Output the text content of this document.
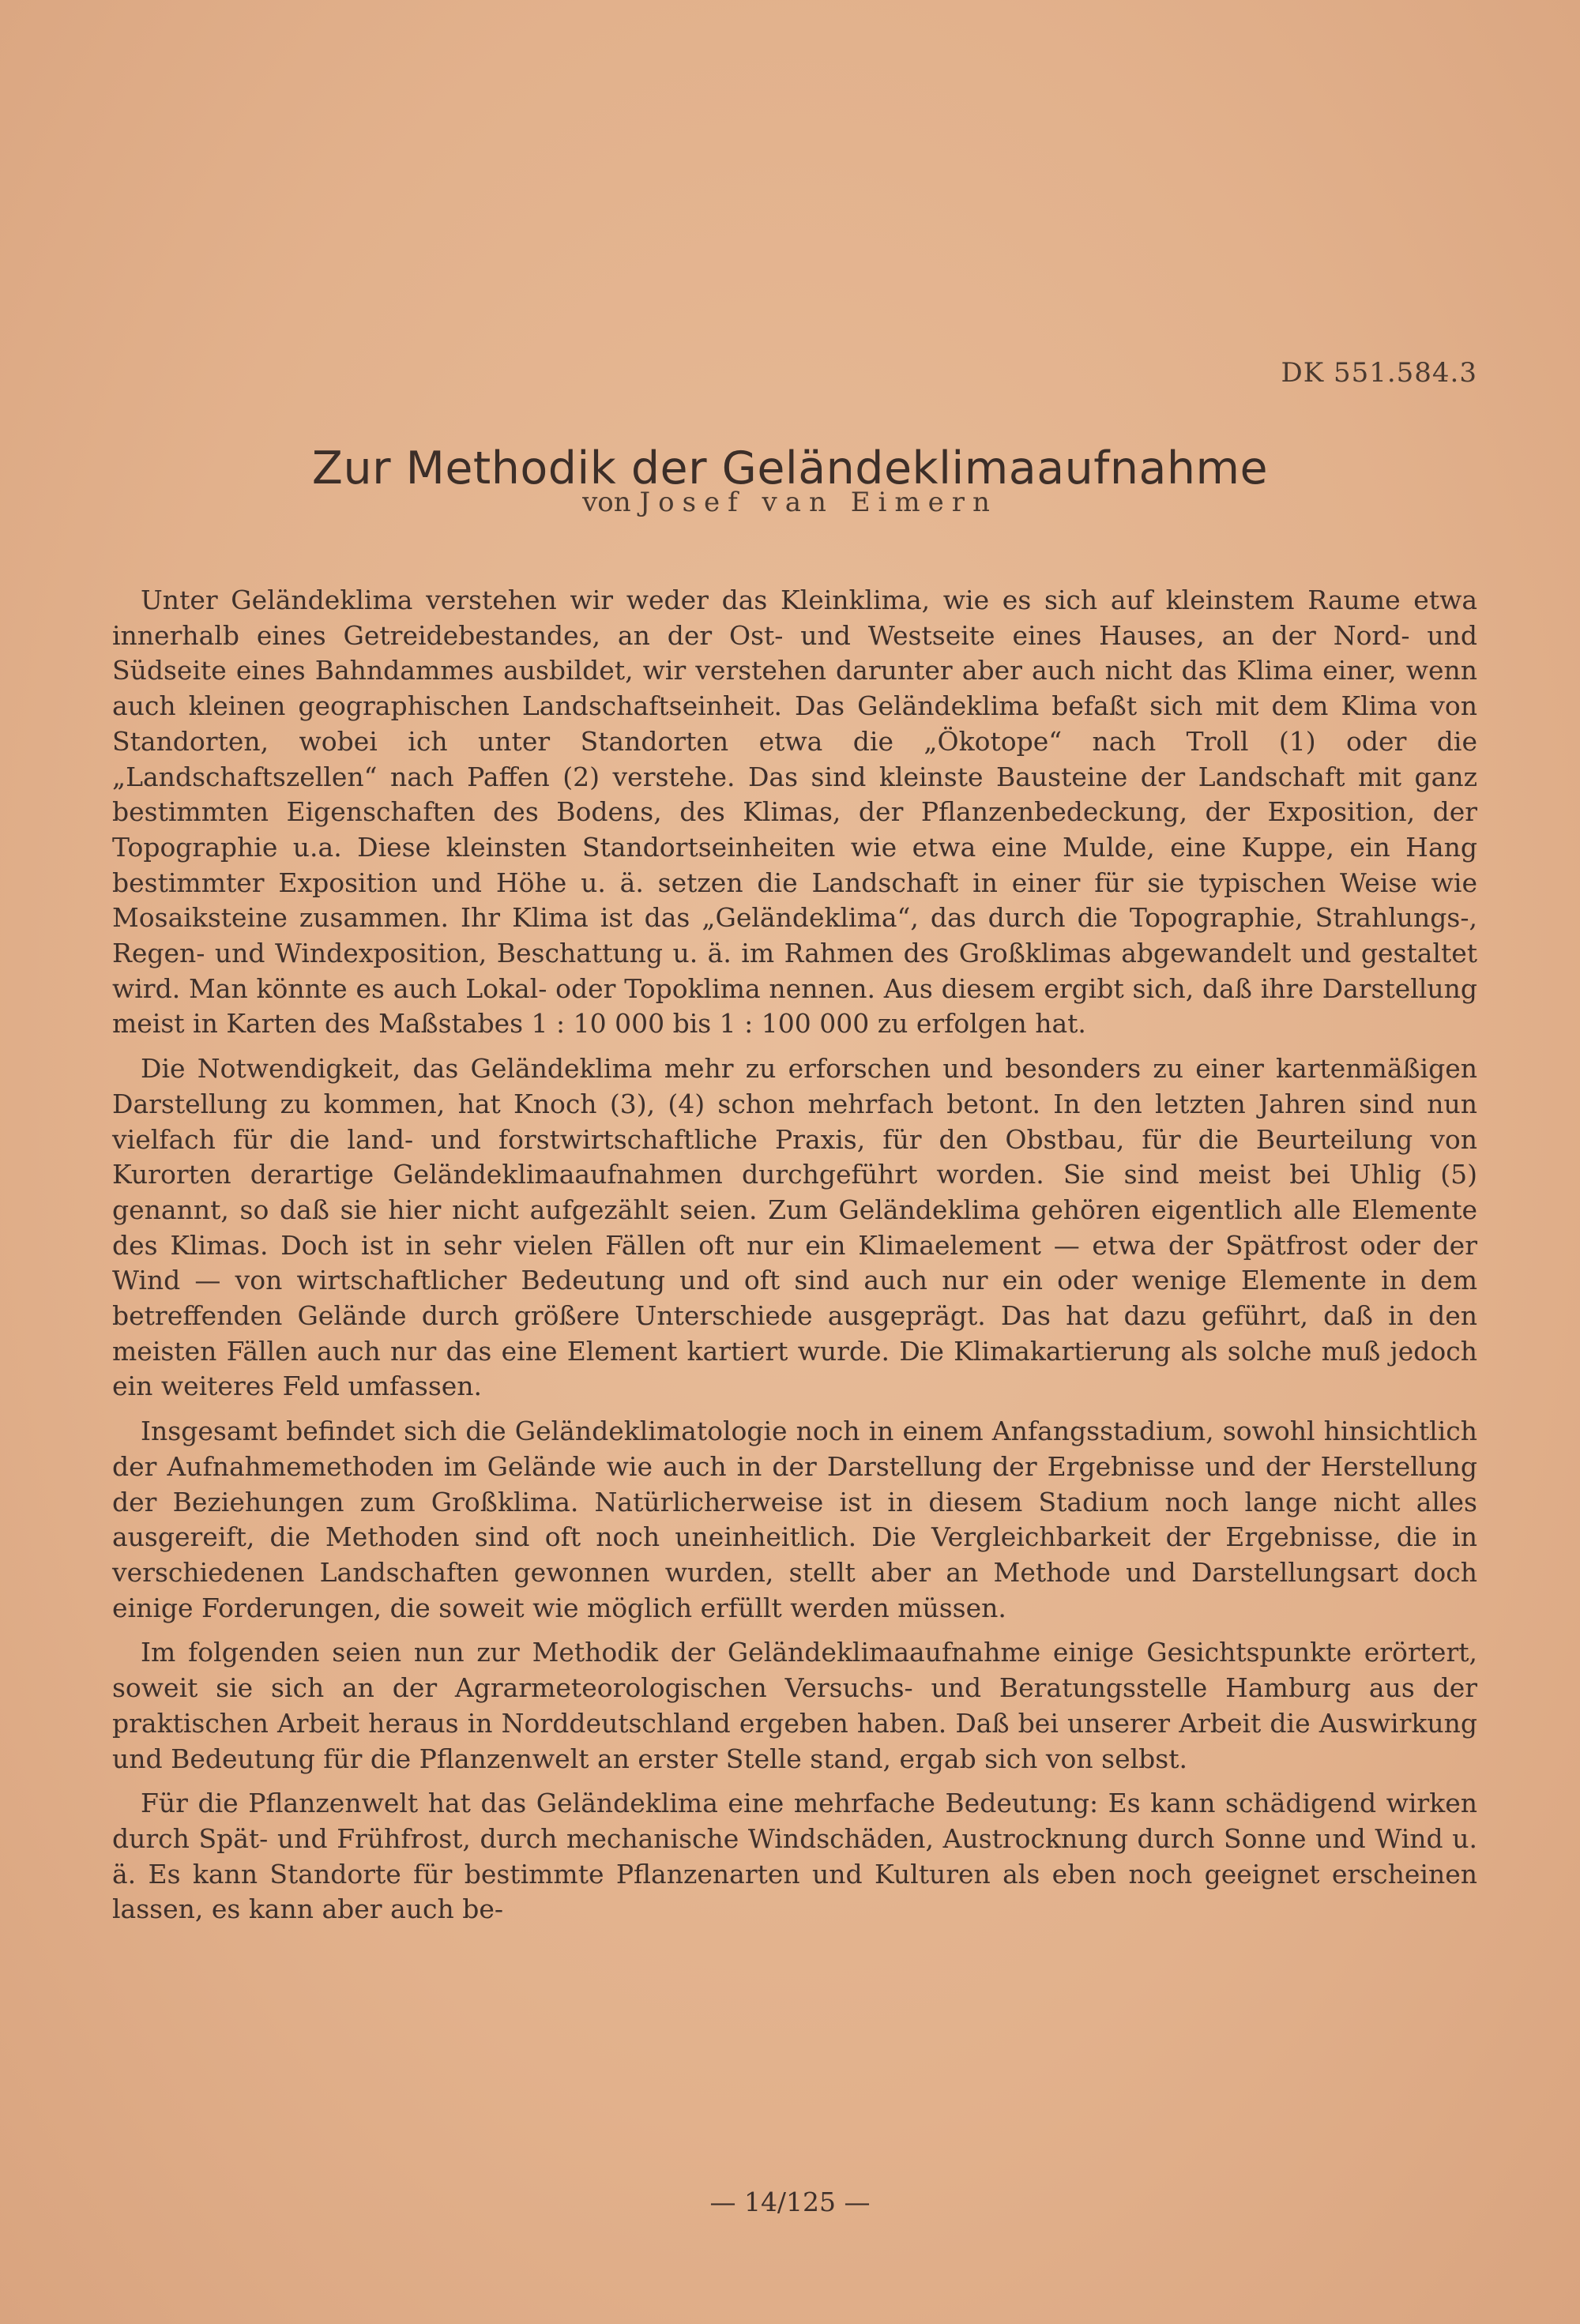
DK 551.584.3
Zur Methodik der Geländeklimaaufnahme
von Josef van Eimern

Unter Geländeklima verstehen wir weder das Kleinklima, wie es sich auf kleinstem Raume etwa innerhalb eines Getreidebestandes, an der Ost- und Westseite eines Hauses, an der Nord- und Südseite eines Bahndammes ausbildet, wir verstehen darunter aber auch nicht das Klima einer, wenn auch kleinen geographischen Landschaftseinheit. Das Geländeklima befaßt sich mit dem Klima von Standorten, wobei ich unter Standorten etwa die „Ökotope“ nach Troll (1) oder die „Landschaftszellen“ nach Paffen (2) verstehe. Das sind kleinste Bausteine der Landschaft mit ganz bestimmten Eigenschaften des Bodens, des Klimas, der Pflanzenbedeckung, der Exposition, der Topographie u.a. Diese kleinsten Standortseinheiten wie etwa eine Mulde, eine Kuppe, ein Hang bestimmter Exposition und Höhe u. ä. setzen die Landschaft in einer für sie typischen Weise wie Mosaiksteine zusammen. Ihr Klima ist das „Geländeklima“, das durch die Topographie, Strahlungs-, Regen- und Windexposition, Beschattung u. ä. im Rahmen des Großklimas abgewandelt und gestaltet wird. Man könnte es auch Lokal- oder Topoklima nennen. Aus diesem ergibt sich, daß ihre Darstellung meist in Karten des Maßstabes 1 : 10 000 bis 1 : 100 000 zu erfolgen hat.

Die Notwendigkeit, das Geländeklima mehr zu erforschen und besonders zu einer kartenmäßigen Darstellung zu kommen, hat Knoch (3), (4) schon mehrfach betont. In den letzten Jahren sind nun vielfach für die land- und forstwirtschaftliche Praxis, für den Obstbau, für die Beurteilung von Kurorten derartige Geländeklimaaufnahmen durchgeführt worden. Sie sind meist bei Uhlig (5) genannt, so daß sie hier nicht aufgezählt seien. Zum Geländeklima gehören eigentlich alle Elemente des Klimas. Doch ist in sehr vielen Fällen oft nur ein Klimaelement — etwa der Spätfrost oder der Wind — von wirtschaftlicher Bedeutung und oft sind auch nur ein oder wenige Elemente in dem betreffenden Gelände durch größere Unterschiede ausgeprägt. Das hat dazu geführt, daß in den meisten Fällen auch nur das eine Element kartiert wurde. Die Klimakartierung als solche muß jedoch ein weiteres Feld umfassen.

Insgesamt befindet sich die Geländeklimatologie noch in einem Anfangsstadium, sowohl hinsichtlich der Aufnahmemethoden im Gelände wie auch in der Darstellung der Ergebnisse und der Herstellung der Beziehungen zum Großklima. Natürlicherweise ist in diesem Stadium noch lange nicht alles ausgereift, die Methoden sind oft noch uneinheitlich. Die Vergleichbarkeit der Ergebnisse, die in verschiedenen Landschaften gewonnen wurden, stellt aber an Methode und Darstellungsart doch einige Forderungen, die soweit wie möglich erfüllt werden müssen.

Im folgenden seien nun zur Methodik der Geländeklimaaufnahme einige Gesichtspunkte erörtert, soweit sie sich an der Agrarmeteorologischen Versuchs- und Beratungsstelle Hamburg aus der praktischen Arbeit heraus in Norddeutschland ergeben haben. Daß bei unserer Arbeit die Auswirkung und Bedeutung für die Pflanzenwelt an erster Stelle stand, ergab sich von selbst.

Für die Pflanzenwelt hat das Geländeklima eine mehrfache Bedeutung: Es kann schädigend wirken durch Spät- und Frühfrost, durch mechanische Windschäden, Austrocknung durch Sonne und Wind u. ä. Es kann Standorte für bestimmte Pflanzenarten und Kulturen als eben noch geeignet erscheinen lassen, es kann aber auch be-

— 14/125 —
